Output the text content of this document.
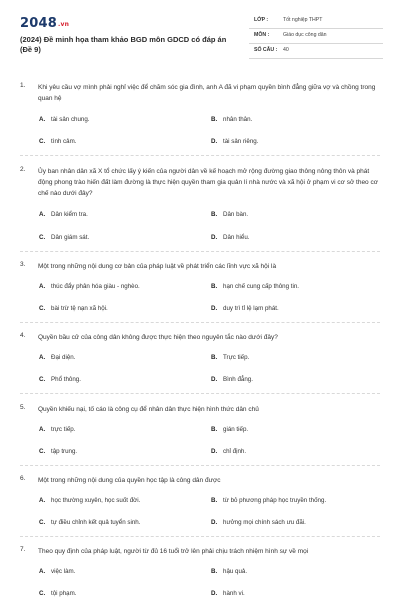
2048.vn
(2024) Đề minh họa tham khảo BGD môn GDCD có đáp án (Đề 9)
LỚP :	Tốt nghiệp THPT
MÔN :	Giáo dục công dân
SỐ CÂU : 40
1. Khi yêu cầu vợ mình phải nghỉ việc để chăm sóc gia đình, anh A đã vi phạm quyền bình đẳng giữa vợ và chồng trong quan hệ
A. tài sản chung.	B. nhân thân.
C. tình cảm.	D. tài sản riêng.
2. Ủy ban nhân dân xã X tổ chức lấy ý kiến của người dân về kế hoạch mở rộng đường giao thông nông thôn và phát động phong trào hiến đất làm đường là thực hiện quyền tham gia quản lí nhà nước và xã hội ở phạm vi cơ sở theo cơ chế nào dưới đây?
A. Dân kiểm tra.	B. Dân bàn.
C. Dân giám sát.	D. Dân hiểu.
3. Một trong những nội dung cơ bản của pháp luật về phát triển các lĩnh vực xã hội là
A. thúc đẩy phân hóa giàu - nghèo.	B. hạn chế cung cấp thông tin.
C. bài trừ tệ nạn xã hội.	D. duy trì tỉ lệ lạm phát.
4. Quyền bầu cử của công dân không được thực hiện theo nguyên tắc nào dưới đây?
A. Đại diện.	B. Trực tiếp.
C. Phổ thông.	D. Bình đẳng.
5. Quyền khiếu nại, tố cáo là công cụ để nhân dân thực hiện hình thức dân chủ
A. trực tiếp.	B. gián tiếp.
C. tập trung.	D. chỉ định.
6. Một trong những nội dung của quyền học tập là công dân được
A. học thường xuyên, học suốt đời.	B. từ bỏ phương pháp học truyền thống.
C. tự điều chỉnh kết quả tuyển sinh.	D. hưởng mọi chính sách ưu đãi.
7. Theo quy định của pháp luật, người từ đủ 16 tuổi trở lên phải chịu trách nhiệm hình sự về mọi
A. việc làm.	B. hậu quả.
C. tội phạm.	D. hành vi.
